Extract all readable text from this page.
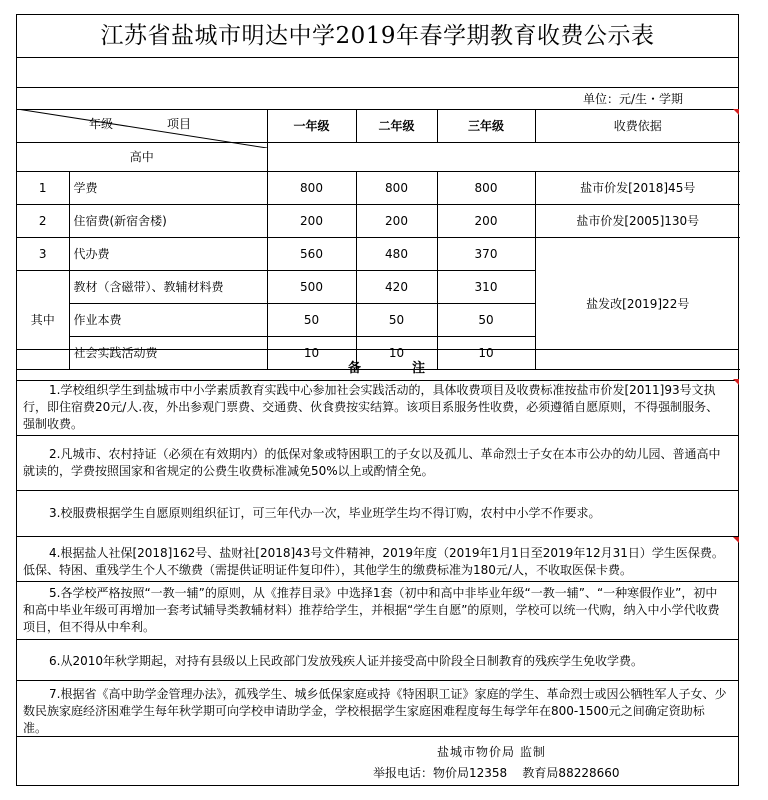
江苏省盐城市明达中学2019年春学期教育收费公示表
单位：元/生・学期
年级 项目		一年级	二年级	三年级	收费依据
高中					
1	学费	800	800	800	盐市价发[2018]45号
2	住宿费(新宿舍楼)	200	200	200	盐市价发[2005]130号
3	代办费	560	480	370	盐发改[2019]22号
其中	教材（含磁带）、教辅材料费	500	420	310	
	作业本费	50	50	50	
	社会实践活动费	10	10	10	
备	注
1.学校组织学生到盐城市中小学素质教育实践中心参加社会实践活动的，具体收费项目及收费标准按盐市价发[2011]93号文执行，即住宿费20元/人.夜，外出参观门票费、交通费、伙食费按实结算。该项目系服务性收费，必须遵循自愿原则，不得强制服务、强制收费。
2.凡城市、农村持证（必须在有效期内）的低保对象或特困职工的子女以及孤儿、革命烈士子女在本市公办的幼儿园、普通高中就读的，学费按照国家和省规定的公费生收费标准减免50%以上或酌情全免。
3.校服费根据学生自愿原则组织征订，可三年代办一次，毕业班学生均不得订购，农村中小学不作要求。
4.根据盐人社保[2018]162号、盐财社[2018]43号文件精神，2019年度（2019年1月1日至2019年12月31日）学生医保费。低保、特困、重残学生个人不缴费（需提供证明证件复印件），其他学生的缴费标准为180元/人，不收取医保卡费。
5.各学校严格按照“一教一辅”的原则，从《推荐目录》中选择1套（初中和高中非毕业年级“一教一辅”、“一种寒假作业”，初中和高中毕业年级可再增加一套考试辅导类教辅材料）推荐给学生，并根据“学生自愿”的原则，学校可以统一代购，纳入中小学代收费项目，但不得从中牟利。
6.从2010年秋学期起，对持有县级以上民政部门发放残疾人证并接受高中阶段全日制教育的残疾学生免收学费。
7.根据省《高中助学金管理办法》，孤残学生、城乡低保家庭或持《特困职工证》家庭的学生、革命烈士或因公牺牲军人子女、少数民族家庭经济困难学生每年秋学期可向学校申请助学金，学校根据学生家庭困难程度每生每学年在800-1500元之间确定资助标准。
盐城市物价局 监制
举报电话：物价局12358    教育局88228660
